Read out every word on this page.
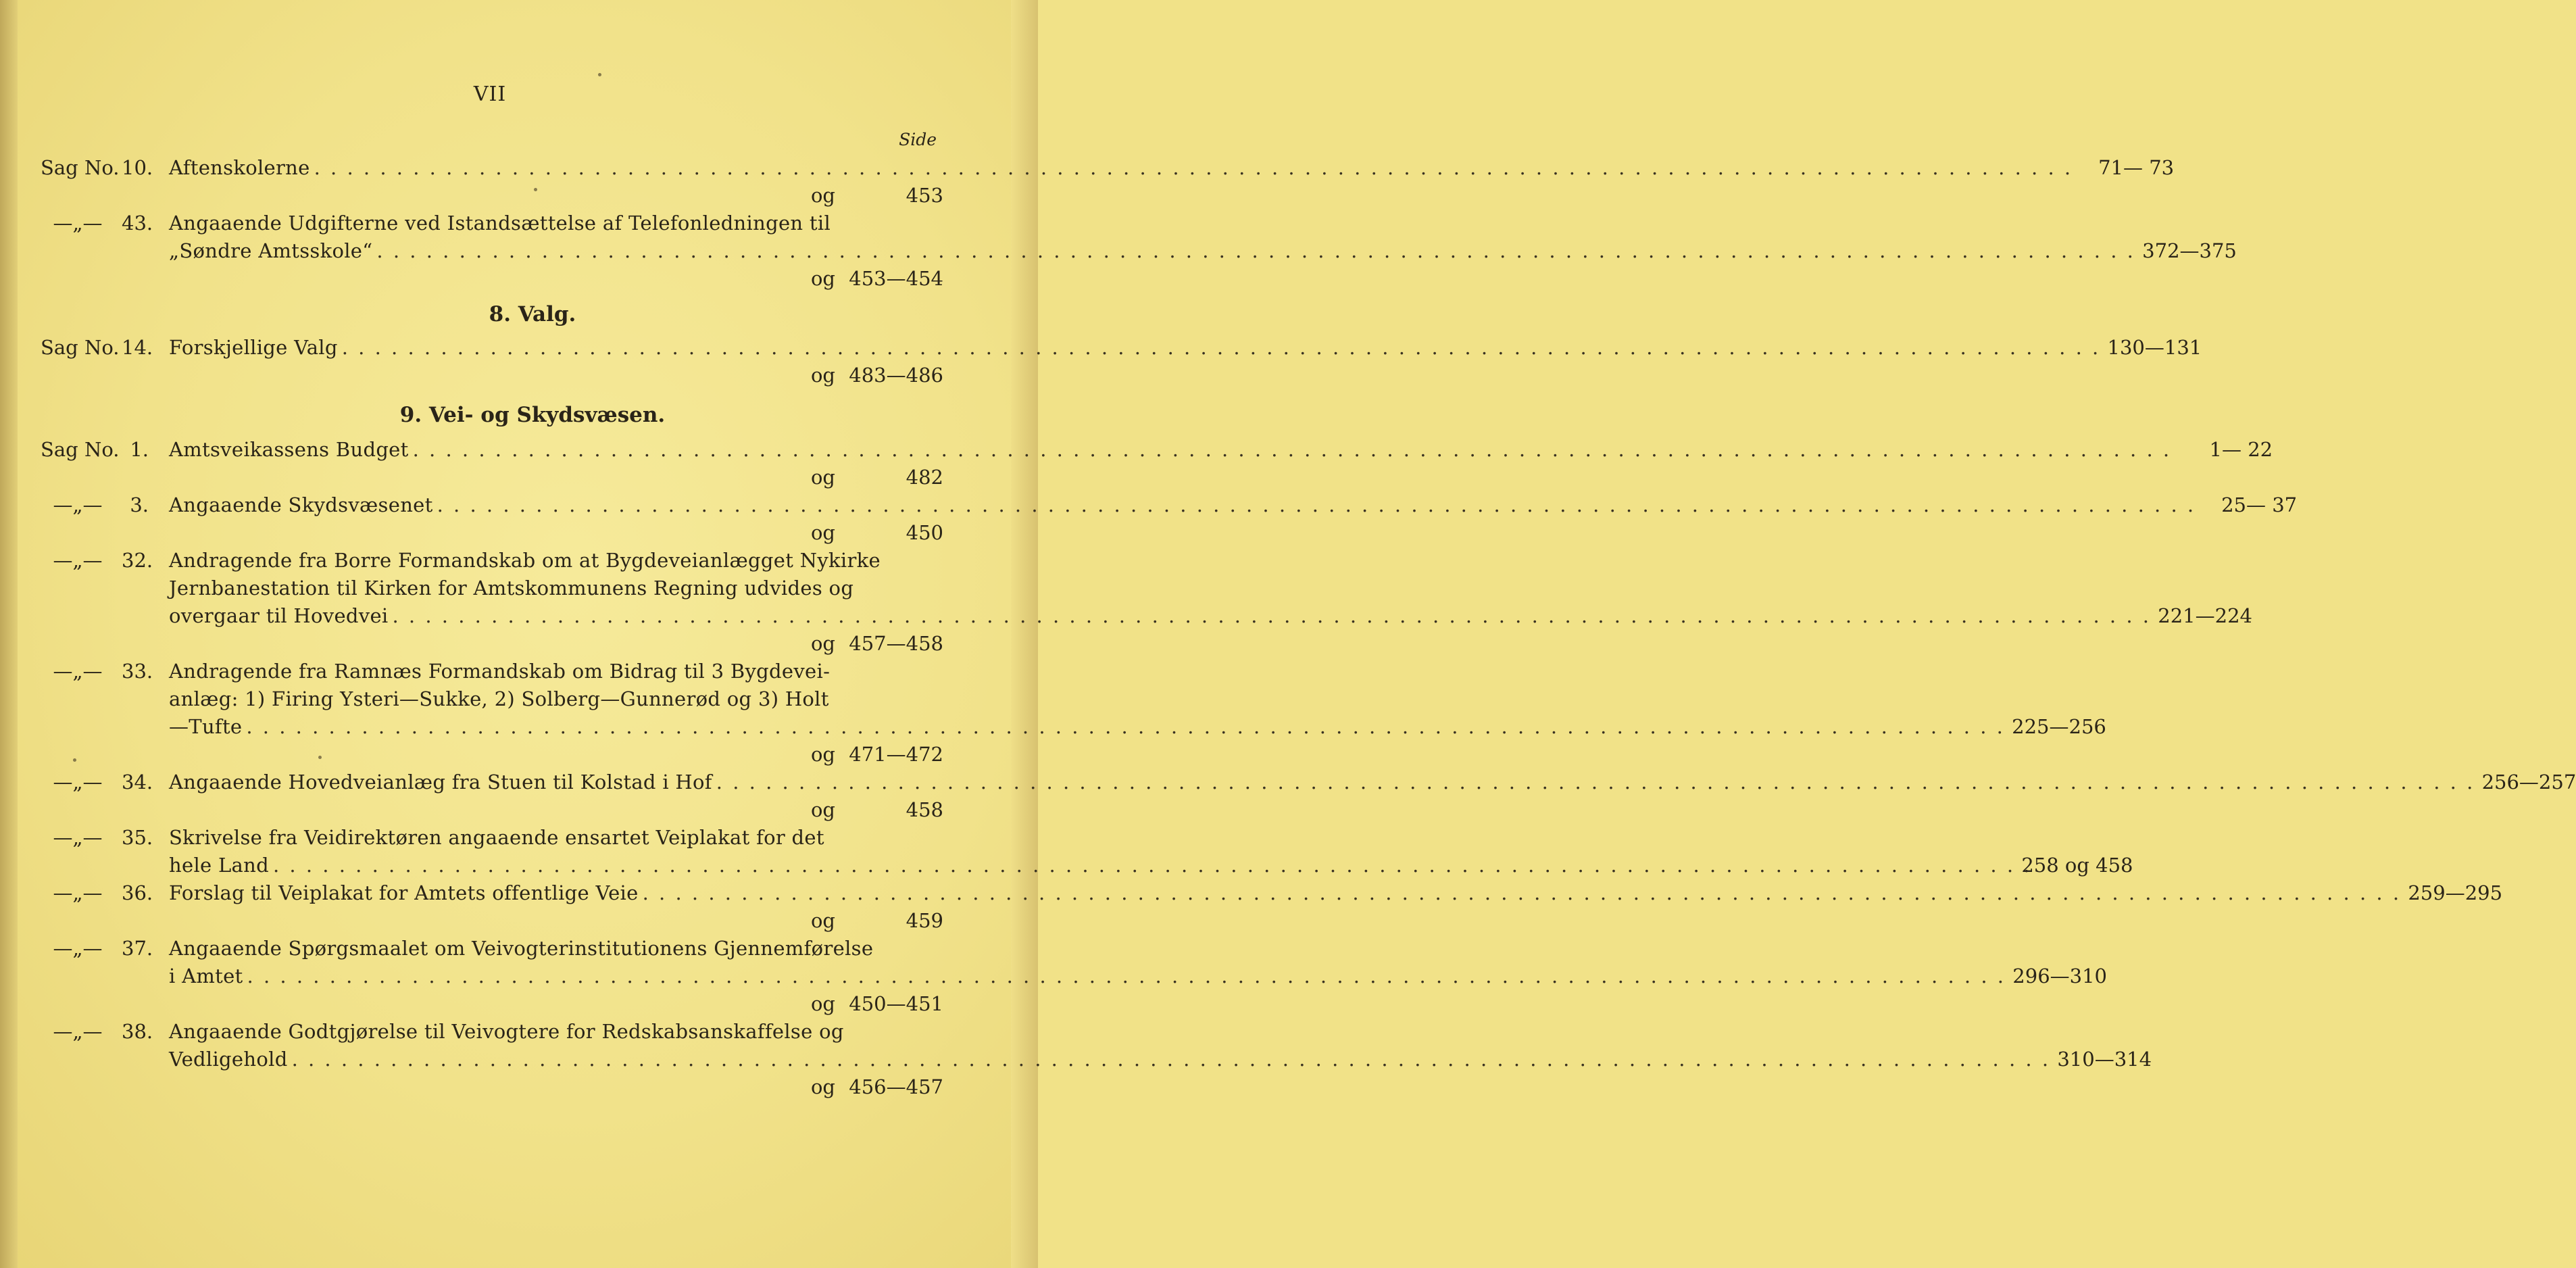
VII
Side
Sag No. 10. Aftenskolerne . . .	71— 73
og	453
—„— 43. Angaaende Udgifterne ved Istandsættelse af Telefonledningen til
„Søndre Amtsskole“ . . .	372—375
og 453—454
8. Valg.
Sag No. 14. Forskjellige Valg . . .	130—131
og 483—486
9. Vei- og Skydsvæsen.
Sag No. 1.	Amtsveikassens Budget . . .	1— 22
og	482
—„—	3.	Angaaende Skydsvæsenet . . .	25— 37
og	450
—„— 32. Andragende fra Borre Formandskab om at Bygdeveianlægget Nykirke
Jernbanestation til Kirken for Amtskommunens Regning udvides og
overgaar til Hovedvei . . .	221—224
og 457—458
—„— 33. Andragende fra Ramnæs Formandskab om Bidrag til 3 Bygdevei-
anlæg: 1) Firing Ysteri—Sukke, 2) Solberg—Gunnerød og 3) Holt
—Tufte . . .	225—256
og 471—472
—„— 34. Angaaende Hovedveianlæg fra Stuen til Kolstad i Hof . . .	256—257
og	458
—„— 35. Skrivelse fra Veidirektøren angaaende ensartet Veiplakat for det
hele Land . . .	258 og 458
—„— 36. Forslag til Veiplakat for Amtets offentlige Veie . . .	259—295
og	459
—„— 37. Angaaende Spørgsmaalet om Veivogterinstitutionens Gjennemførelse
i Amtet . . .	296—310
og 450—451
—„— 38. Angaaende Godtgjørelse til Veivogtere for Redskabsanskaffelse og
Vedligehold . . .	310—314
og 456—457
